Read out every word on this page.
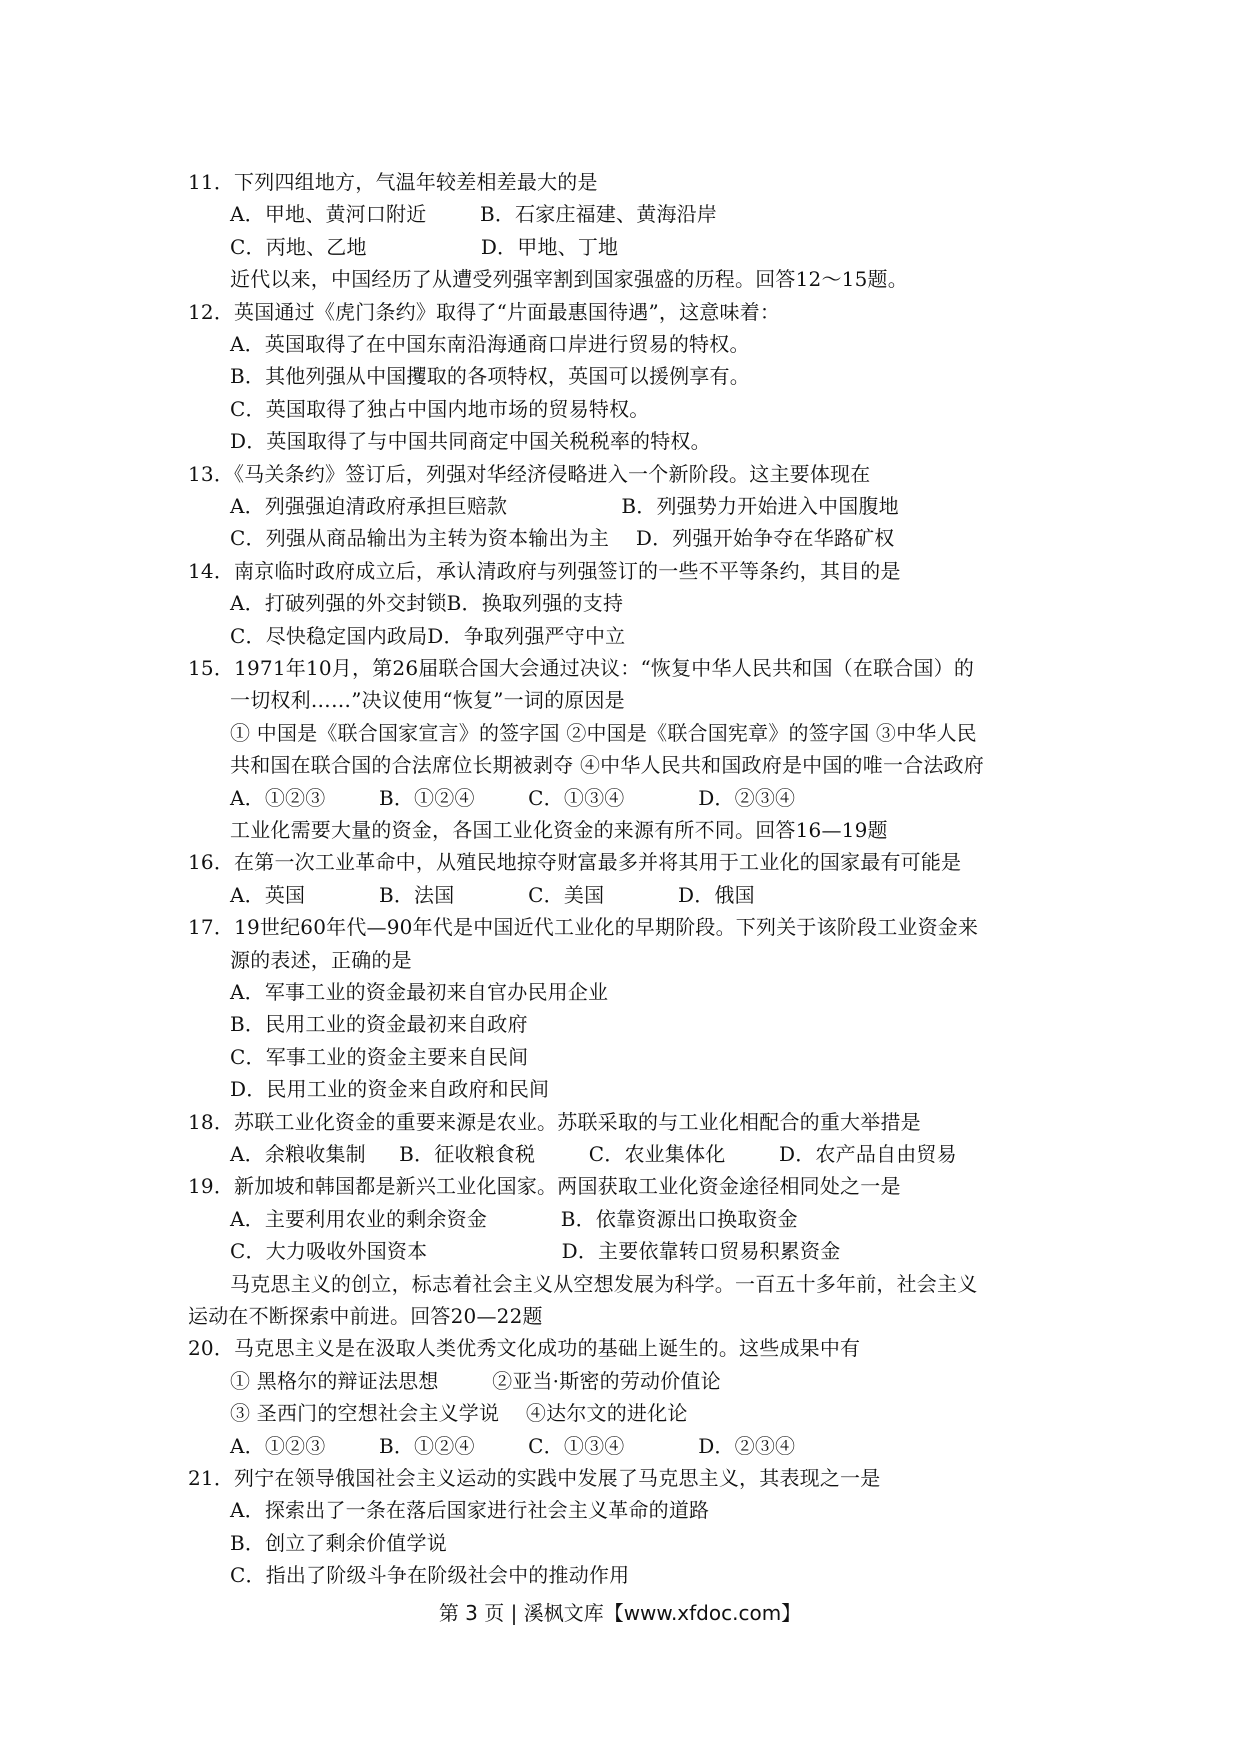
11．下列四组地方，气温年较差相差最大的是
A．甲地、黄河口附近 　　 B．石家庄福建、黄海沿岸
C．丙地、乙地 　　　　　 D．甲地、丁地
近代以来，中国经历了从遭受列强宰割到国家强盛的历程。回答12～15题。
12．英国通过《虎门条约》取得了“片面最惠国待遇”，这意味着：
A．英国取得了在中国东南沿海通商口岸进行贸易的特权。
B．其他列强从中国攫取的各项特权，英国可以援例享有。
C．英国取得了独占中国内地市场的贸易特权。
D．英国取得了与中国共同商定中国关税税率的特权。
13．《马关条约》签订后，列强对华经济侵略进入一个新阶段。这主要体现在
A．列强强迫清政府承担巨赔款 　　　　　 B．列强势力开始进入中国腹地
C．列强从商品输出为主转为资本输出为主 　D．列强开始争夺在华路矿权
14．南京临时政府成立后，承认清政府与列强签订的一些不平等条约，其目的是
A．打破列强的外交封锁B．换取列强的支持
C．尽快稳定国内政局D．争取列强严守中立
15．1971年10月，第26届联合国大会通过决议：“恢复中华人民共和国（在联合国）的
一切权利……”决议使用“恢复”一词的原因是
① 中国是《联合国家宣言》的签字国 ②中国是《联合国宪章》的签字国 ③中华人民
共和国在联合国的合法席位长期被剥夺 ④中华人民共和国政府是中国的唯一合法政府
A．①②③ 　　 B．①②④ 　　 C．①③④ 　　　 D．②③④
工业化需要大量的资金，各国工业化资金的来源有所不同。回答16—19题
16．在第一次工业革命中，从殖民地掠夺财富最多并将其用于工业化的国家最有可能是
A．英国 　　　 B．法国 　　　 C．美国 　　　 D．俄国
17．19世纪60年代—90年代是中国近代工业化的早期阶段。下列关于该阶段工业资金来
源的表述，正确的是
A．军事工业的资金最初来自官办民用企业
B．民用工业的资金最初来自政府
C．军事工业的资金主要来自民间
D．民用工业的资金来自政府和民间
18．苏联工业化资金的重要来源是农业。苏联采取的与工业化相配合的重大举措是
A．余粮收集制 　 B．征收粮食税 　　 C．农业集体化 　　 D．农产品自由贸易
19．新加坡和韩国都是新兴工业化国家。两国获取工业化资金途径相同处之一是
A．主要利用农业的剩余资金 　　　 B．依靠资源出口换取资金
C．大力吸收外国资本 　　　　　　 D．主要依靠转口贸易积累资金
马克思主义的创立，标志着社会主义从空想发展为科学。一百五十多年前，社会主义
运动在不断探索中前进。回答20—22题
20．马克思主义是在汲取人类优秀文化成功的基础上诞生的。这些成果中有
① 黑格尔的辩证法思想 　　 ②亚当·斯密的劳动价值论
③ 圣西门的空想社会主义学说 　④达尔文的进化论
A．①②③ 　　 B．①②④ 　　 C．①③④ 　　　 D．②③④
21．列宁在领导俄国社会主义运动的实践中发展了马克思主义，其表现之一是
A．探索出了一条在落后国家进行社会主义革命的道路
B．创立了剩余价值学说
C．指出了阶级斗争在阶级社会中的推动作用
第 3 页 | 溪枫文库【www.xfdoc.com】
